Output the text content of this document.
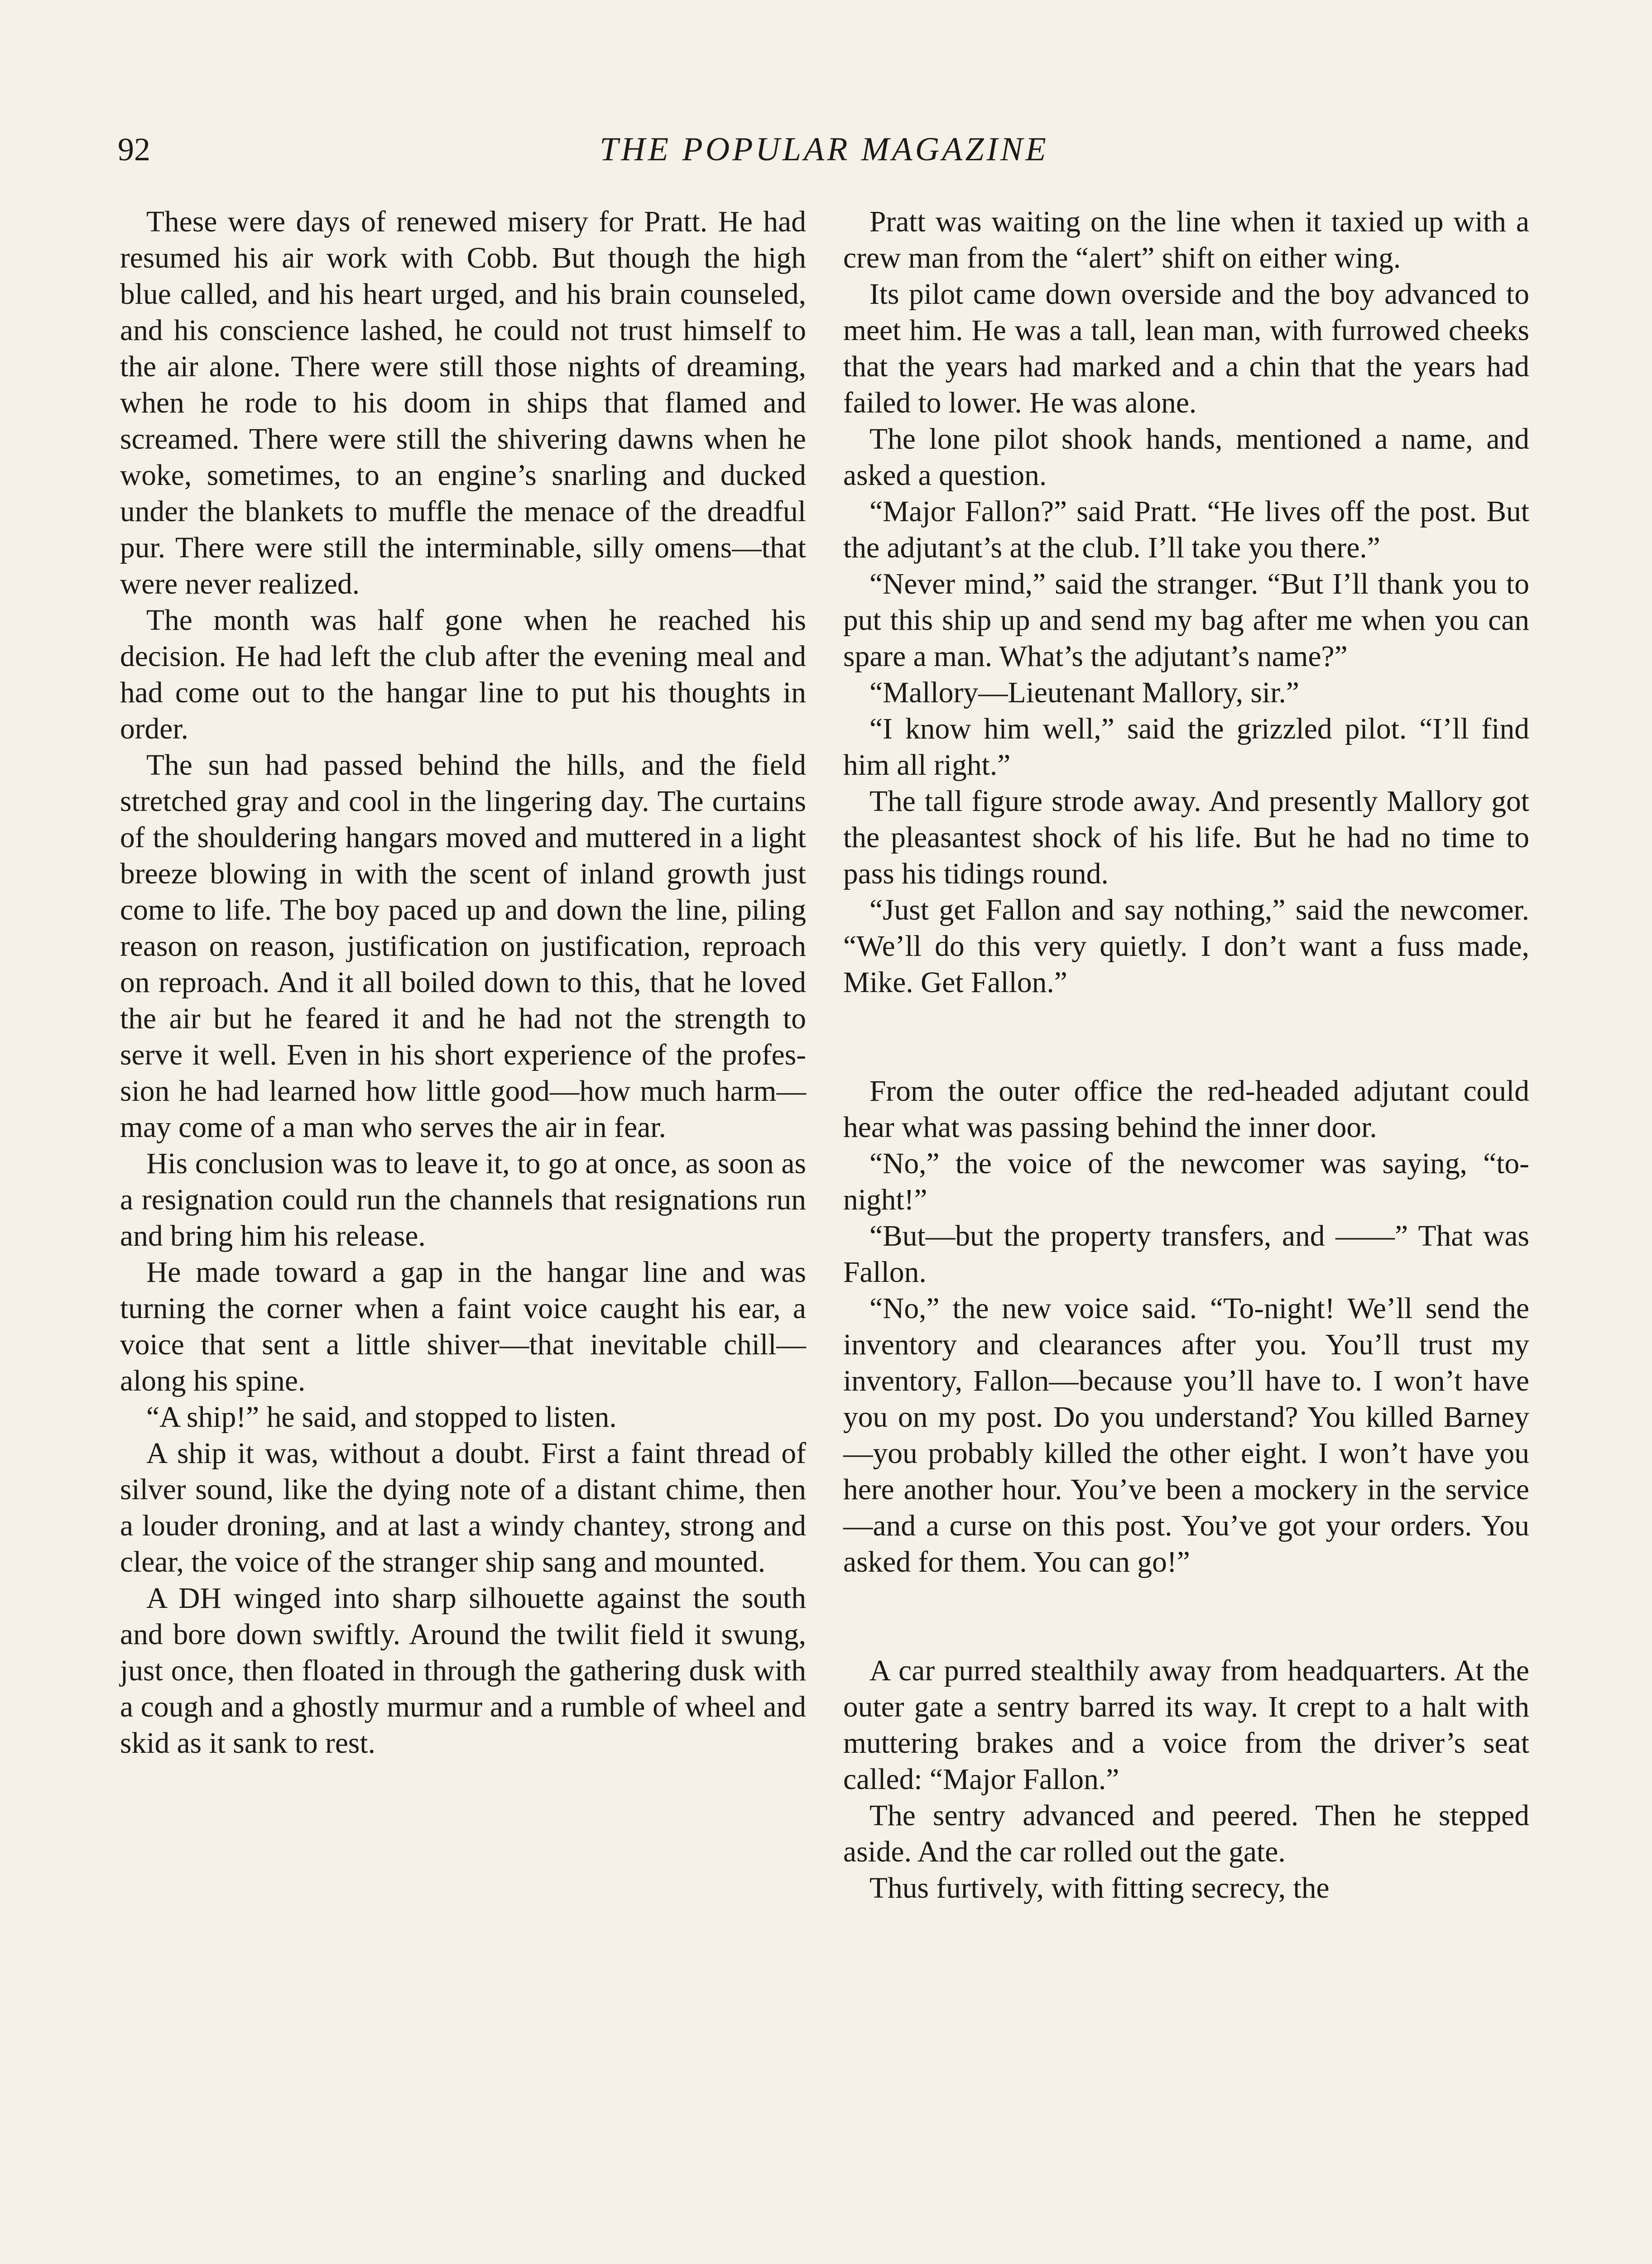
92	THE POPULAR MAGAZINE

These were days of renewed misery for Pratt. He had resumed his air work with Cobb. But though the high blue called, and his heart urged, and his brain counseled, and his conscience lashed, he could not trust himself to the air alone. There were still those nights of dreaming, when he rode to his doom in ships that flamed and screamed. There were still the shivering dawns when he woke, sometimes, to an engine’s snarling and ducked under the blankets to muffle the menace of the dreadful pur. There were still the interminable, silly omens—that were never realized.

The month was half gone when he reached his decision. He had left the club after the evening meal and had come out to the hangar line to put his thoughts in order.

The sun had passed behind the hills, and the field stretched gray and cool in the lingering day. The curtains of the shouldering hangars moved and muttered in a light breeze blowing in with the scent of inland growth just come to life. The boy paced up and down the line, piling reason on reason, justification on justification, reproach on reproach. And it all boiled down to this, that he loved the air but he feared it and he had not the strength to serve it well. Even in his short experience of the profession he had learned how little good—how much harm—may come of a man who serves the air in fear.

His conclusion was to leave it, to go at once, as soon as a resignation could run the channels that resignations run and bring him his release.

He made toward a gap in the hangar line and was turning the corner when a faint voice caught his ear, a voice that sent a little shiver—that inevitable chill—along his spine.

“A ship!” he said, and stopped to listen.

A ship it was, without a doubt. First a faint thread of silver sound, like the dying note of a distant chime, then a louder droning, and at last a windy chantey, strong and clear, the voice of the stranger ship sang and mounted.

A DH winged into sharp silhouette against the south and bore down swiftly. Around the twilit field it swung, just once, then floated in through the gathering dusk with a cough and a ghostly murmur and a rumble of wheel and skid as it sank to rest.

Pratt was waiting on the line when it taxied up with a crew man from the “alert” shift on either wing.

Its pilot came down overside and the boy advanced to meet him. He was a tall, lean man, with furrowed cheeks that the years had marked and a chin that the years had failed to lower. He was alone.

The lone pilot shook hands, mentioned a name, and asked a question.

“Major Fallon?” said Pratt. “He lives off the post. But the adjutant’s at the club. I’ll take you there.”

“Never mind,” said the stranger. “But I’ll thank you to put this ship up and send my bag after me when you can spare a man. What’s the adjutant’s name?”

“Mallory—Lieutenant Mallory, sir.”

“I know him well,” said the grizzled pilot. “I’ll find him all right.”

The tall figure strode away. And presently Mallory got the pleasantest shock of his life. But he had no time to pass his tidings round.

“Just get Fallon and say nothing,” said the newcomer. “We’ll do this very quietly. I don’t want a fuss made, Mike. Get Fallon.”

From the outer office the red-headed adjutant could hear what was passing behind the inner door.

“No,” the voice of the newcomer was saying, “to-night!”

“But—but the property transfers, and ——” That was Fallon.

“No,” the new voice said. “To-night! We’ll send the inventory and clearances after you. You’ll trust my inventory, Fallon—because you’ll have to. I won’t have you on my post. Do you understand? You killed Barney—you probably killed the other eight. I won’t have you here another hour. You’ve been a mockery in the service—and a curse on this post. You’ve got your orders. You asked for them. You can go!”

A car purred stealthily away from headquarters. At the outer gate a sentry barred its way. It crept to a halt with muttering brakes and a voice from the driver’s seat called: “Major Fallon.”

The sentry advanced and peered. Then he stepped aside. And the car rolled out the gate.

Thus furtively, with fitting secrecy, the
